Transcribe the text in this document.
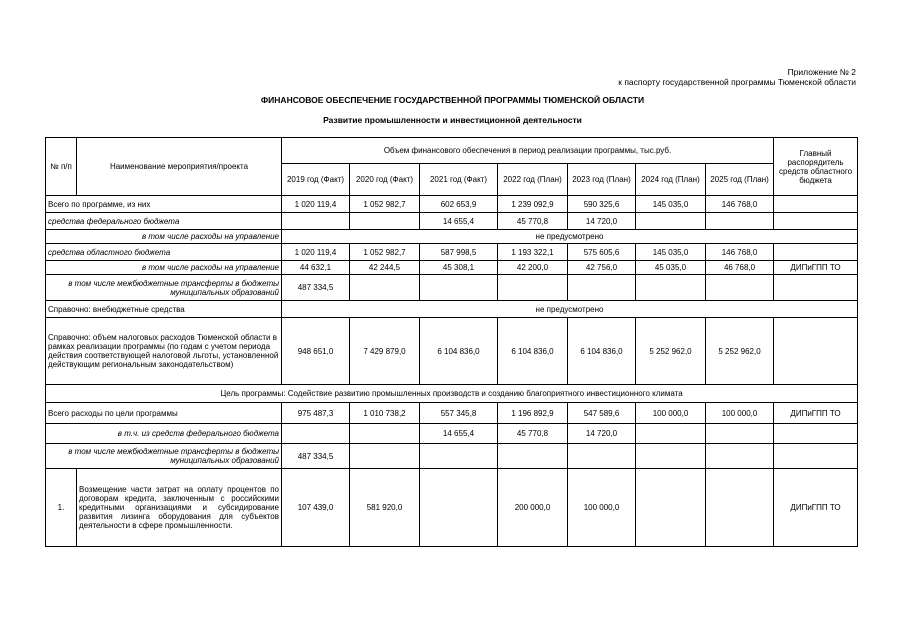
Приложение № 2
к паспорту государственной программы Тюменской области
ФИНАНСОВОЕ ОБЕСПЕЧЕНИЕ ГОСУДАРСТВЕННОЙ ПРОГРАММЫ ТЮМЕНСКОЙ ОБЛАСТИ
Развитие промышленности и инвестиционной деятельности
№ п/п	Наименование мероприятия/проекта	Объем финансового обеспечения в период реализации программы, тыс.руб.							Главный распорядитель средств областного бюджета
		2019 год (Факт)	2020 год (Факт)	2021 год (Факт)	2022 год (План)	2023 год (План)	2024 год (План)	2025 год (План)	
Всего по программе, из них		1 020 119,4	1 052 982,7	602 653,9	1 239 092,9	590 325,6	145 035,0	146 768,0	
средства федерального бюджета				14 655,4	45 770,8	14 720,0			
в том числе расходы на управление		не предусмотрено							
средства областного бюджета		1 020 119,4	1 052 982,7	587 998,5	1 193 322,1	575 605,6	145 035,0	146 768,0	
в том числе расходы на управление		44 632,1	42 244,5	45 308,1	42 200,0	42 756,0	45 035,0	46 768,0	ДИПиГПП ТО
в том числе межбюджетные трансферты в бюджеты муниципальных образований		487 334,5							
Справочно: внебюджетные средства		не предусмотрено							
Справочно: объем налоговых расходов Тюменской области в рамках реализации программы (по годам с учетом периода действия соответствующей налоговой льготы, установленной действующим региональным законодательством)		948 651,0	7 429 879,0	6 104 836,0	6 104 836,0	6 104 836,0	5 252 962,0	5 252 962,0	
Цель программы: Содействие развитию промышленных производств и созданию благоприятного инвестиционного климата									
Всего расходы по цели программы		975 487,3	1 010 738,2	557 345,8	1 196 892,9	547 589,6	100 000,0	100 000,0	ДИПиГПП ТО
в т.ч. из средств федерального бюджета				14 655,4	45 770,8	14 720,0			
в том числе межбюджетные трансферты в бюджеты муниципальных образований		487 334,5							
1.	Возмещение части затрат на оплату процентов по договорам кредита, заключенным с российскими кредитными организациями и субсидирование развития лизинга оборудования для субъектов деятельности в сфере промышленности.	107 439,0	581 920,0		200 000,0	100 000,0			ДИПиГПП ТО
